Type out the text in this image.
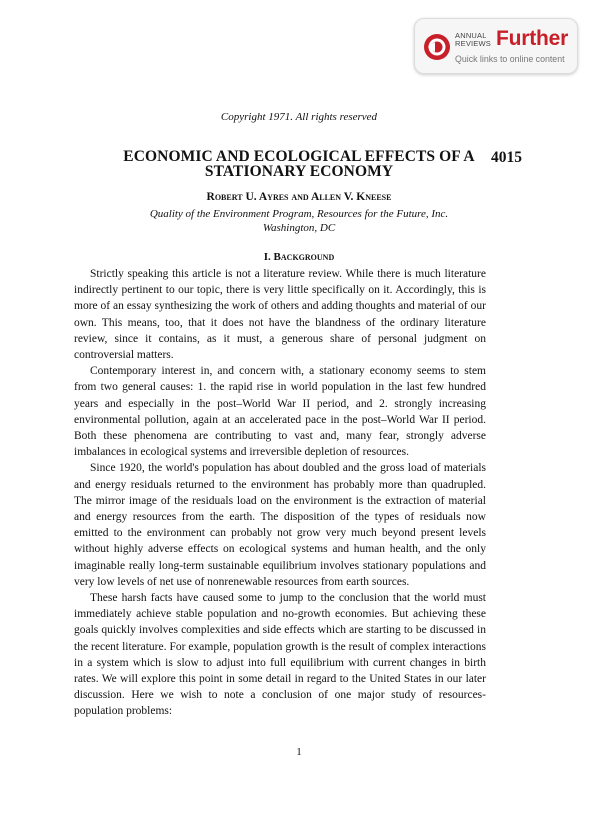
ANNUAL
REVIEWS Further
Quick links to online content
Copyright 1971. All rights reserved
ECONOMIC AND ECOLOGICAL EFFECTS OF A
STATIONARY ECONOMY
4015
Robert U. Ayres and Allen V. Kneese
Quality of the Environment Program, Resources for the Future, Inc.
Washington, DC
I. Background

Strictly speaking this article is not a literature review. While there is much literature indirectly pertinent to our topic, there is very little specifically on it. Accordingly, this is more of an essay synthesizing the work of others and adding thoughts and material of our own. This means, too, that it does not have the blandness of the ordinary literature review, since it contains, as it must, a generous share of personal judgment on controversial matters.

Contemporary interest in, and concern with, a stationary economy seems to stem from two general causes: 1. the rapid rise in world population in the last few hundred years and especially in the post–World War II period, and 2. strongly increasing environmental pollution, again at an accelerated pace in the post–World War II period. Both these phenomena are contributing to vast and, many fear, strongly adverse imbalances in ecological systems and irreversible depletion of resources.

Since 1920, the world's population has about doubled and the gross load of materials and energy residuals returned to the environment has probably more than quadrupled. The mirror image of the residuals load on the environment is the extraction of material and energy resources from the earth. The disposition of the types of residuals now emitted to the environment can probably not grow very much beyond present levels without highly adverse effects on ecological systems and human health, and the only imaginable really long-term sustainable equilibrium involves stationary populations and very low levels of net use of nonrenewable resources from earth sources.

These harsh facts have caused some to jump to the conclusion that the world must immediately achieve stable population and no-growth economies. But achieving these goals quickly involves complexities and side effects which are starting to be discussed in the recent literature. For example, population growth is the result of complex interactions in a system which is slow to adjust into full equilibrium with current changes in birth rates. We will explore this point in some detail in regard to the United States in our later discussion. Here we wish to note a conclusion of one major study of resources-population problems:

1
